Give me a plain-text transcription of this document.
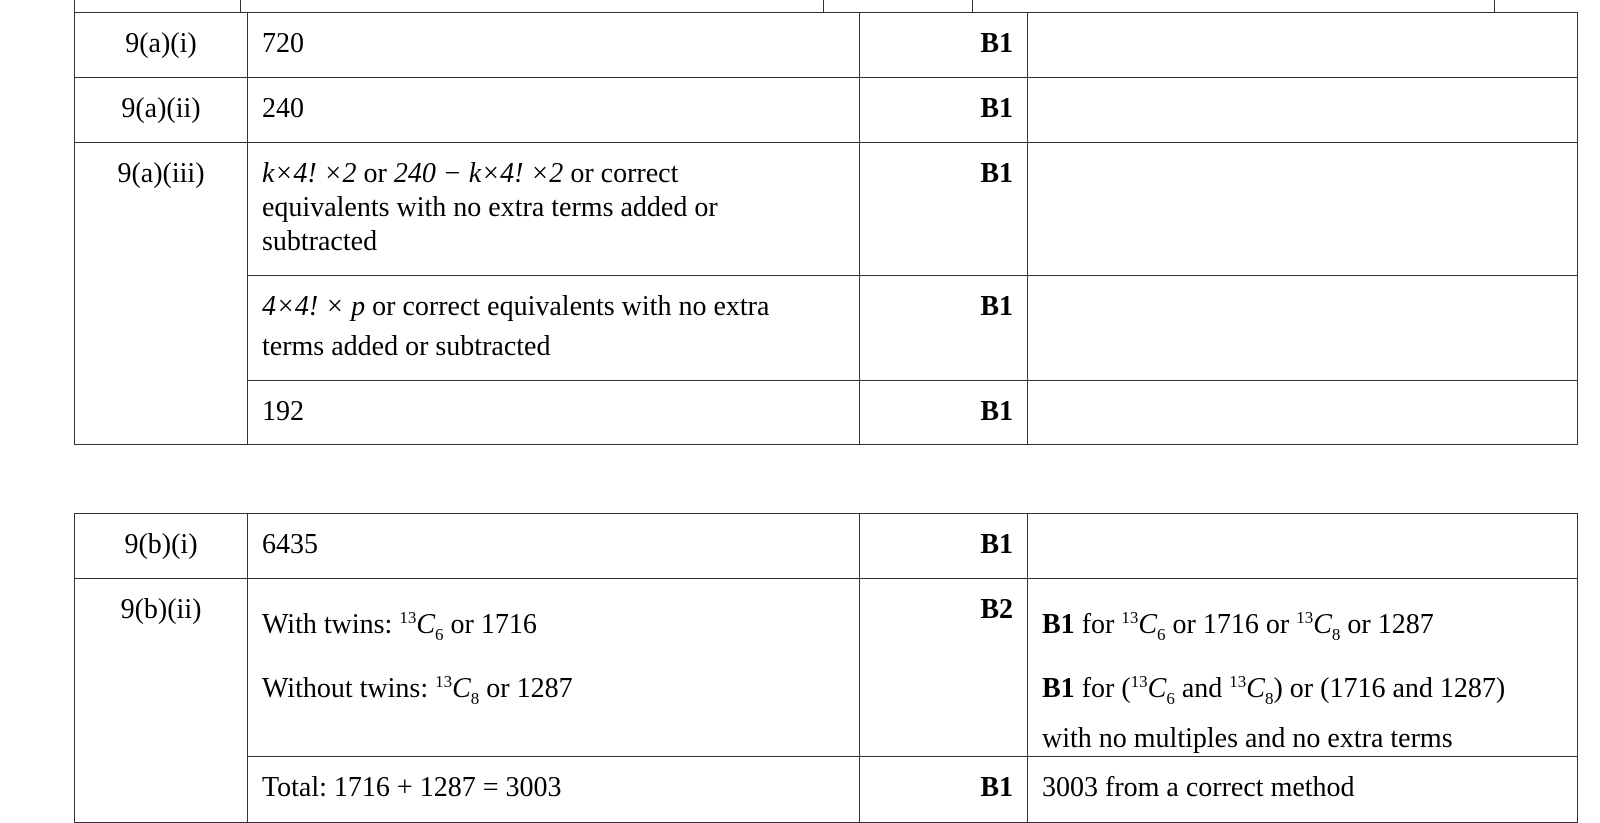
9(a)(i)	720	B1	
9(a)(ii)	240	B1	
9(a)(iii)	k×4! ×2 or 240 − k×4! ×2 or correct
equivalents with no extra terms added or
subtracted	B1	

	4×4! × p or correct equivalents with no extra
terms added or subtracted	B1	
	192	B1	
9(b)(i)	6435	B1	
9(b)(ii)	With twins: $^{13}C_6$ or 1716
Without twins: $^{13}C_8$ or 1287	B2	B1 for $^{13}C_6$ or 1716 or $^{13}C_8$ or 1287
B1 for ($^{13}C_6$ and $^{13}C_8$) or (1716 and 1287)
with no multiples and no extra terms

	Total: 1716 + 1287 = 3003	B1	3003 from a correct method
